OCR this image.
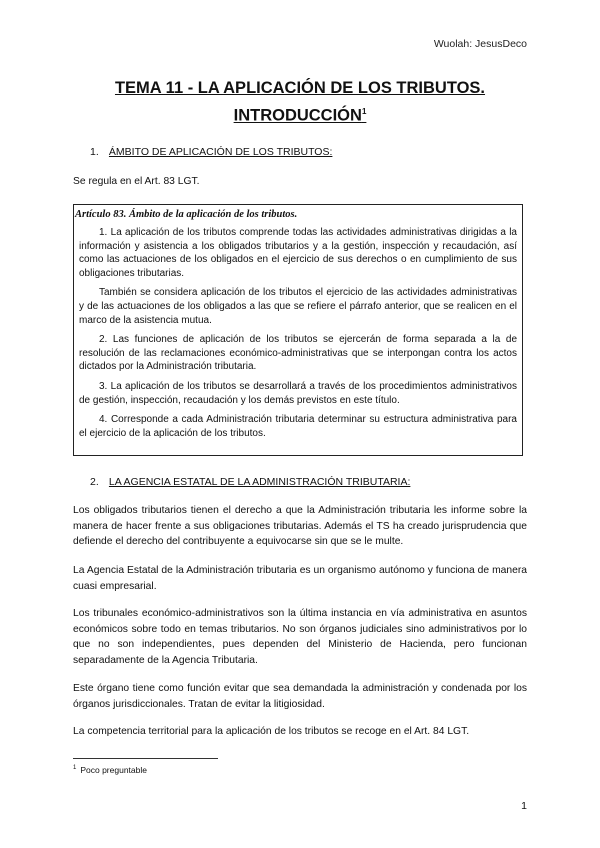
Wuolah: JesusDeco
TEMA 11 - LA APLICACIÓN DE LOS TRIBUTOS.
INTRODUCCIÓN$^1$
1. ÁMBITO DE APLICACIÓN DE LOS TRIBUTOS:
Se regula en el Art. 83 LGT.
Artículo 83. Ámbito de la aplicación de los tributos.

1. La aplicación de los tributos comprende todas las actividades administrativas dirigidas a la información y asistencia a los obligados tributarios y a la gestión, inspección y recaudación, así como las actuaciones de los obligados en el ejercicio de sus derechos o en cumplimiento de sus obligaciones tributarias.

También se considera aplicación de los tributos el ejercicio de las actividades administrativas y de las actuaciones de los obligados a las que se refiere el párrafo anterior, que se realicen en el marco de la asistencia mutua.

2. Las funciones de aplicación de los tributos se ejercerán de forma separada a la de resolución de las reclamaciones económico-administrativas que se interpongan contra los actos dictados por la Administración tributaria.

3. La aplicación de los tributos se desarrollará a través de los procedimientos administrativos de gestión, inspección, recaudación y los demás previstos en este título.

4. Corresponde a cada Administración tributaria determinar su estructura administrativa para el ejercicio de la aplicación de los tributos.

2. LA AGENCIA ESTATAL DE LA ADMINISTRACIÓN TRIBUTARIA:
Los obligados tributarios tienen el derecho a que la Administración tributaria les informe sobre la manera de hacer frente a sus obligaciones tributarias. Además el TS ha creado jurisprudencia que defiende el derecho del contribuyente a equivocarse sin que se le multe.
La Agencia Estatal de la Administración tributaria es un organismo autónomo y funciona de manera cuasi empresarial.
Los tribunales económico-administrativos son la última instancia en vía administrativa en asuntos económicos sobre todo en temas tributarios. No son órganos judiciales sino administrativos por lo que no son independientes, pues dependen del Ministerio de Hacienda, pero funcionan separadamente de la Agencia Tributaria.
Este órgano tiene como función evitar que sea demandada la administración y condenada por los órganos jurisdiccionales. Tratan de evitar la litigiosidad.
La competencia territorial para la aplicación de los tributos se recoge en el Art. 84 LGT.
$^1$ Poco preguntable
1
